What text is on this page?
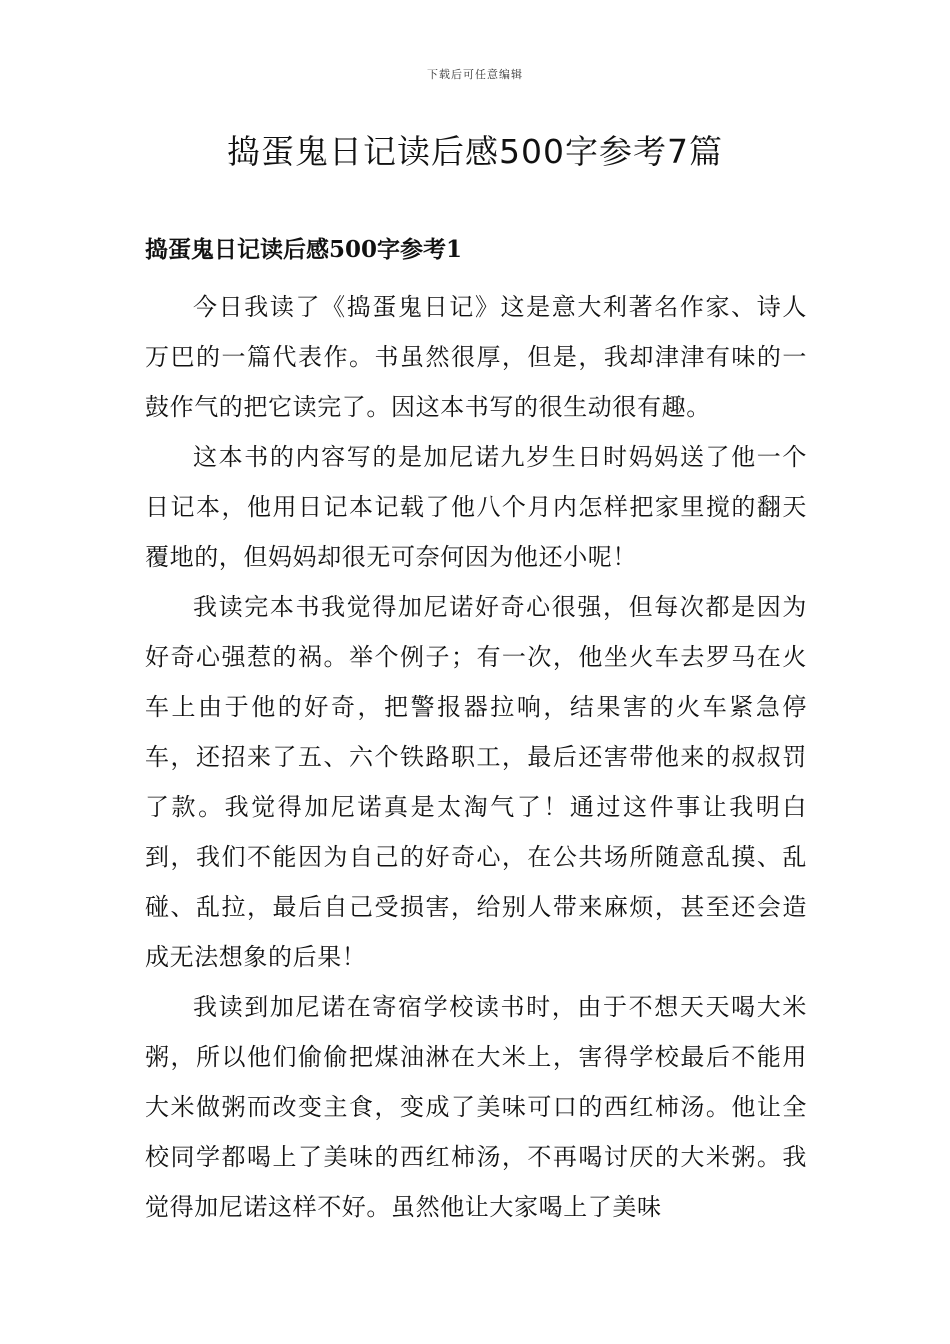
下载后可任意编辑
捣蛋鬼日记读后感500字参考7篇
捣蛋鬼日记读后感500字参考1

今日我读了《捣蛋鬼日记》这是意大利著名作家、诗人万巴的一篇代表作。书虽然很厚，但是，我却津津有味的一鼓作气的把它读完了。因这本书写的很生动很有趣。

这本书的内容写的是加尼诺九岁生日时妈妈送了他一个日记本，他用日记本记载了他八个月内怎样把家里搅的翻天覆地的，但妈妈却很无可奈何因为他还小呢！

我读完本书我觉得加尼诺好奇心很强，但每次都是因为好奇心强惹的祸。举个例子；有一次，他坐火车去罗马在火车上由于他的好奇，把警报器拉响，结果害的火车紧急停车，还招来了五、六个铁路职工，最后还害带他来的叔叔罚了款。我觉得加尼诺真是太淘气了！通过这件事让我明白到，我们不能因为自己的好奇心，在公共场所随意乱摸、乱碰、乱拉，最后自己受损害，给别人带来麻烦，甚至还会造成无法想象的后果！

我读到加尼诺在寄宿学校读书时，由于不想天天喝大米粥，所以他们偷偷把煤油淋在大米上，害得学校最后不能用大米做粥而改变主食，变成了美味可口的西红柿汤。他让全校同学都喝上了美味的西红柿汤，不再喝讨厌的大米粥。我觉得加尼诺这样不好。虽然他让大家喝上了美味
